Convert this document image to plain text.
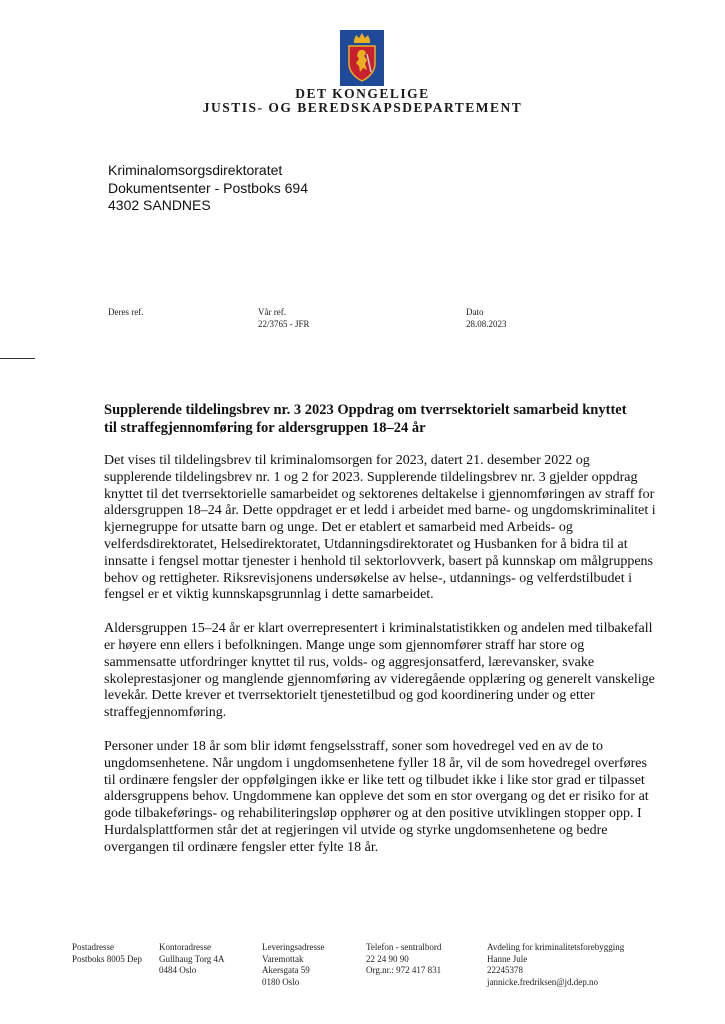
DET KONGELIGE
JUSTIS- OG BEREDSKAPSDEPARTEMENT
Kriminalomsorgsdirektoratet
Dokumentsenter - Postboks 694
4302 SANDNES
Deres ref.	Vår ref.
22/3765 - JFR
Dato
28.08.2023
Supplerende tildelingsbrev nr. 3 2023 Oppdrag om tverrsektorielt samarbeid knyttet til straffegjennomføring for aldersgruppen 18–24 år

Det vises til tildelingsbrev til kriminalomsorgen for 2023, datert 21. desember 2022 og supplerende tildelingsbrev nr. 1 og 2 for 2023. Supplerende tildelingsbrev nr. 3 gjelder oppdrag knyttet til det tverrsektorielle samarbeidet og sektorenes deltakelse i gjennomføringen av straff for aldersgruppen 18–24 år. Dette oppdraget er et ledd i arbeidet med barne- og ungdomskriminalitet i kjernegruppe for utsatte barn og unge. Det er etablert et samarbeid med Arbeids- og velferdsdirektoratet, Helsedirektoratet, Utdanningsdirektoratet og Husbanken for å bidra til at innsatte i fengsel mottar tjenester i henhold til sektorlovverk, basert på kunnskap om målgruppens behov og rettigheter. Riksrevisjonens undersøkelse av helse-, utdannings- og velferdstilbudet i fengsel er et viktig kunnskapsgrunnlag i dette samarbeidet.

Aldersgruppen 15–24 år er klart overrepresentert i kriminalstatistikken og andelen med tilbakefall er høyere enn ellers i befolkningen. Mange unge som gjennomfører straff har store og sammensatte utfordringer knyttet til rus, volds- og aggresjonsatferd, lærevansker, svake skoleprestasjoner og manglende gjennomføring av videregående opplæring og generelt vanskelige levekår. Dette krever et tverrsektorielt tjenestetilbud og god koordinering under og etter straffegjennomføring.

Personer under 18 år som blir idømt fengselsstraff, soner som hovedregel ved en av de to ungdomsenhetene. Når ungdom i ungdomsenhetene fyller 18 år, vil de som hovedregel overføres til ordinære fengsler der oppfølgingen ikke er like tett og tilbudet ikke i like stor grad er tilpasset aldersgruppens behov. Ungdommene kan oppleve det som en stor overgang og det er risiko for at gode tilbakeførings- og rehabiliteringsløp opphører og at den positive utviklingen stopper opp. I Hurdalsplattformen står det at regjeringen vil utvide og styrke ungdomsenhetene og bedre overgangen til ordinære fengsler etter fylte 18 år.

Postadresse
Postboks 8005 Dep
Kontoradresse
Gullhaug Torg 4A
0484 Oslo
Leveringsadresse
Varemottak
Akersgata 59
0180 Oslo
Telefon - sentralbord
22 24 90 90
Org.nr.: 972 417 831
Avdeling for kriminalitetsforebygging
Hanne Jule
22245378
jannicke.fredriksen@jd.dep.no
